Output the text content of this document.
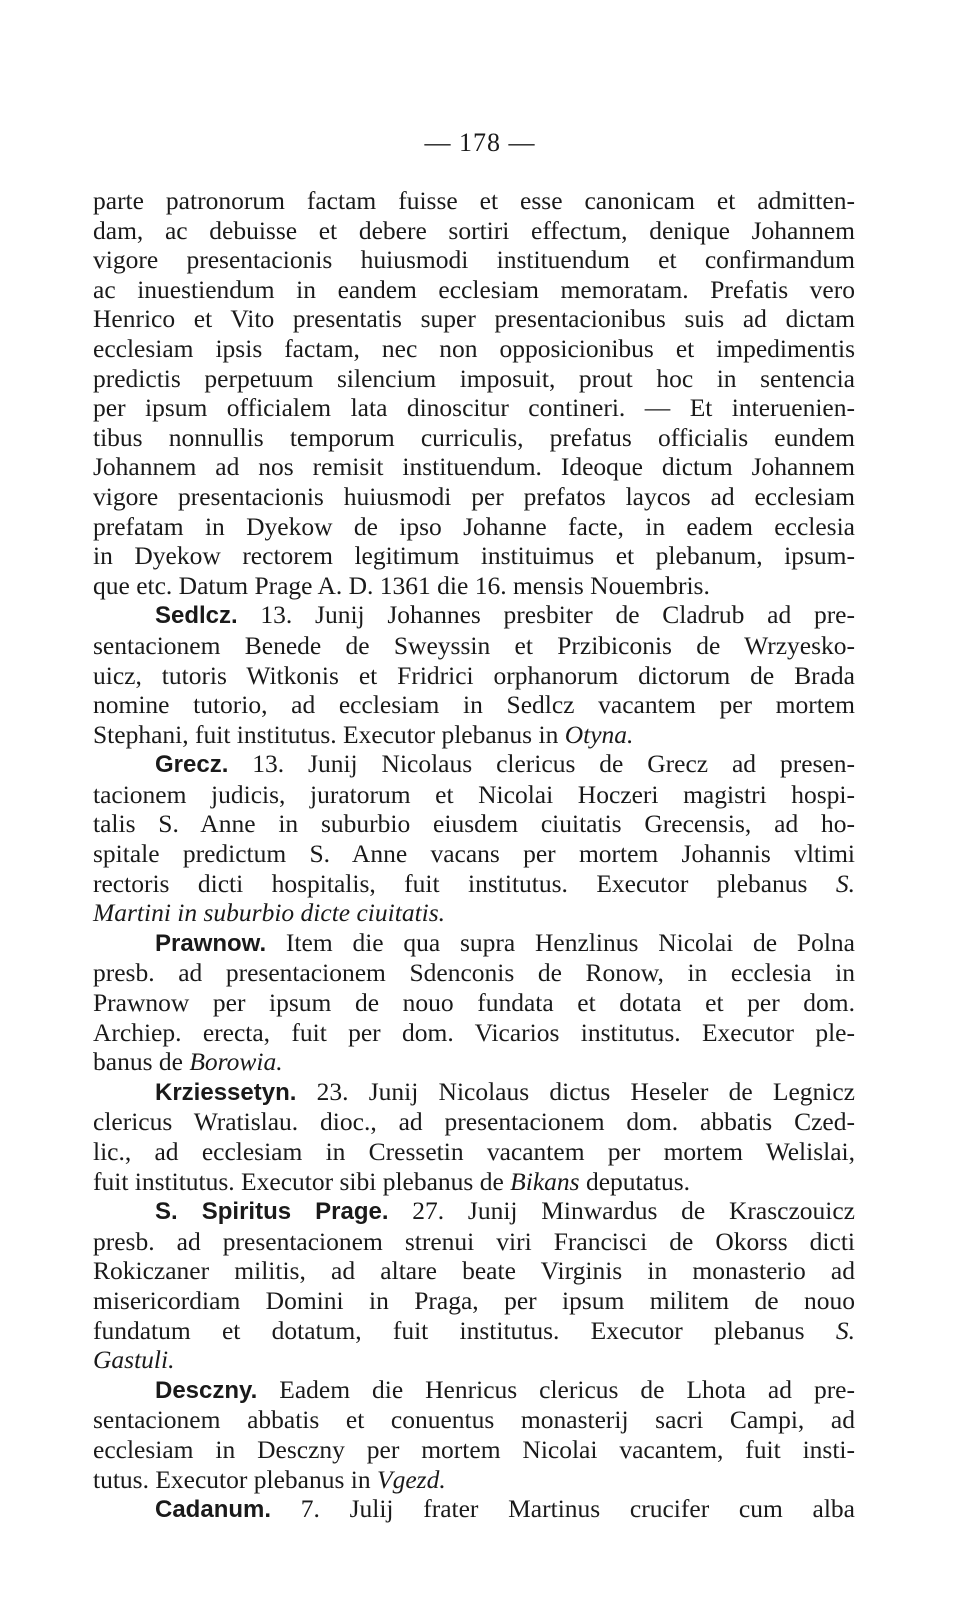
— 178 —
parte patronorum factam fuisse et esse canonicam et admitten-
dam, ac debuisse et debere sortiri effectum, denique Johannem
vigore presentacionis huiusmodi instituendum et confirmandum
ac inuestiendum in eandem ecclesiam memoratam. Prefatis vero
Henrico et Vito presentatis super presentacionibus suis ad dictam
ecclesiam ipsis factam, nec non opposicionibus et impedimentis
predictis perpetuum silencium imposuit, prout hoc in sentencia
per ipsum officialem lata dinoscitur contineri. — Et interuenien-
tibus nonnullis temporum curriculis, prefatus officialis eundem
Johannem ad nos remisit instituendum. Ideoque dictum Johannem
vigore presentacionis huiusmodi per prefatos laycos ad ecclesiam
prefatam in Dyekow de ipso Johanne facte, in eadem ecclesia
in Dyekow rectorem legitimum instituimus et plebanum, ipsum-
que etc. Datum Prage A. D. 1361 die 16. mensis Nouembris.
Sedlcz. 13. Junij Johannes presbiter de Cladrub ad pre-
sentacionem Benede de Sweyssin et Przibiconis de Wrzyesko-
uicz, tutoris Witkonis et Fridrici orphanorum dictorum de Brada
nomine tutorio, ad ecclesiam in Sedlcz vacantem per mortem
Stephani, fuit institutus. Executor plebanus in Otyna.
Grecz. 13. Junij Nicolaus clericus de Grecz ad presen-
tacionem judicis, juratorum et Nicolai Hoczeri magistri hospi-
talis S. Anne in suburbio eiusdem ciuitatis Grecensis, ad ho-
spitale predictum S. Anne vacans per mortem Johannis vltimi
rectoris dicti hospitalis, fuit institutus. Executor plebanus S.
Martini in suburbio dicte ciuitatis.
Prawnow. Item die qua supra Henzlinus Nicolai de Polna
presb. ad presentacionem Sdenconis de Ronow, in ecclesia in
Prawnow per ipsum de nouo fundata et dotata et per dom.
Archiep. erecta, fuit per dom. Vicarios institutus. Executor ple-
banus de Borowia.
Krziessetyn. 23. Junij Nicolaus dictus Heseler de Legnicz
clericus Wratislau. dioc., ad presentacionem dom. abbatis Czed-
lic., ad ecclesiam in Cressetin vacantem per mortem Welislai,
fuit institutus. Executor sibi plebanus de Bikans deputatus.
S. Spiritus Prage. 27. Junij Minwardus de Krasczouicz
presb. ad presentacionem strenui viri Francisci de Okorss dicti
Rokiczaner militis, ad altare beate Virginis in monasterio ad
misericordiam Domini in Praga, per ipsum militem de nouo
fundatum et dotatum, fuit institutus. Executor plebanus S.
Gastuli.
Desczny. Eadem die Henricus clericus de Lhota ad pre-
sentacionem abbatis et conuentus monasterij sacri Campi, ad
ecclesiam in Desczny per mortem Nicolai vacantem, fuit insti-
tutus. Executor plebanus in Vgezd.
Cadanum. 7. Julij frater Martinus crucifer cum alba
